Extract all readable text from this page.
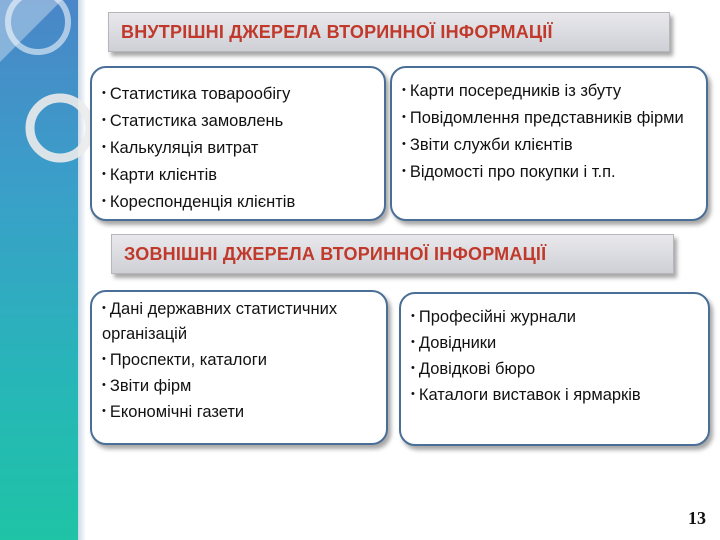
ВНУТРІШНІ ДЖЕРЕЛА ВТОРИННОЇ ІНФОРМАЦІЇ
• Статистика товарообігу
• Статистика замовлень
• Калькуляція витрат
• Карти клієнтів
• Кореспонденція клієнтів
• Карти посередників із збуту
• Повідомлення представників фірми
• Звіти служби клієнтів
• Відомості про покупки і т.п.
ЗОВНІШНІ ДЖЕРЕЛА ВТОРИННОЇ ІНФОРМАЦІЇ
• Дані державних статистичних організацій
• Проспекти, каталоги
• Звіти фірм
• Економічні газети
• Професійні журнали
• Довідники
• Довідкові бюро
• Каталоги виставок і ярмарків
13
